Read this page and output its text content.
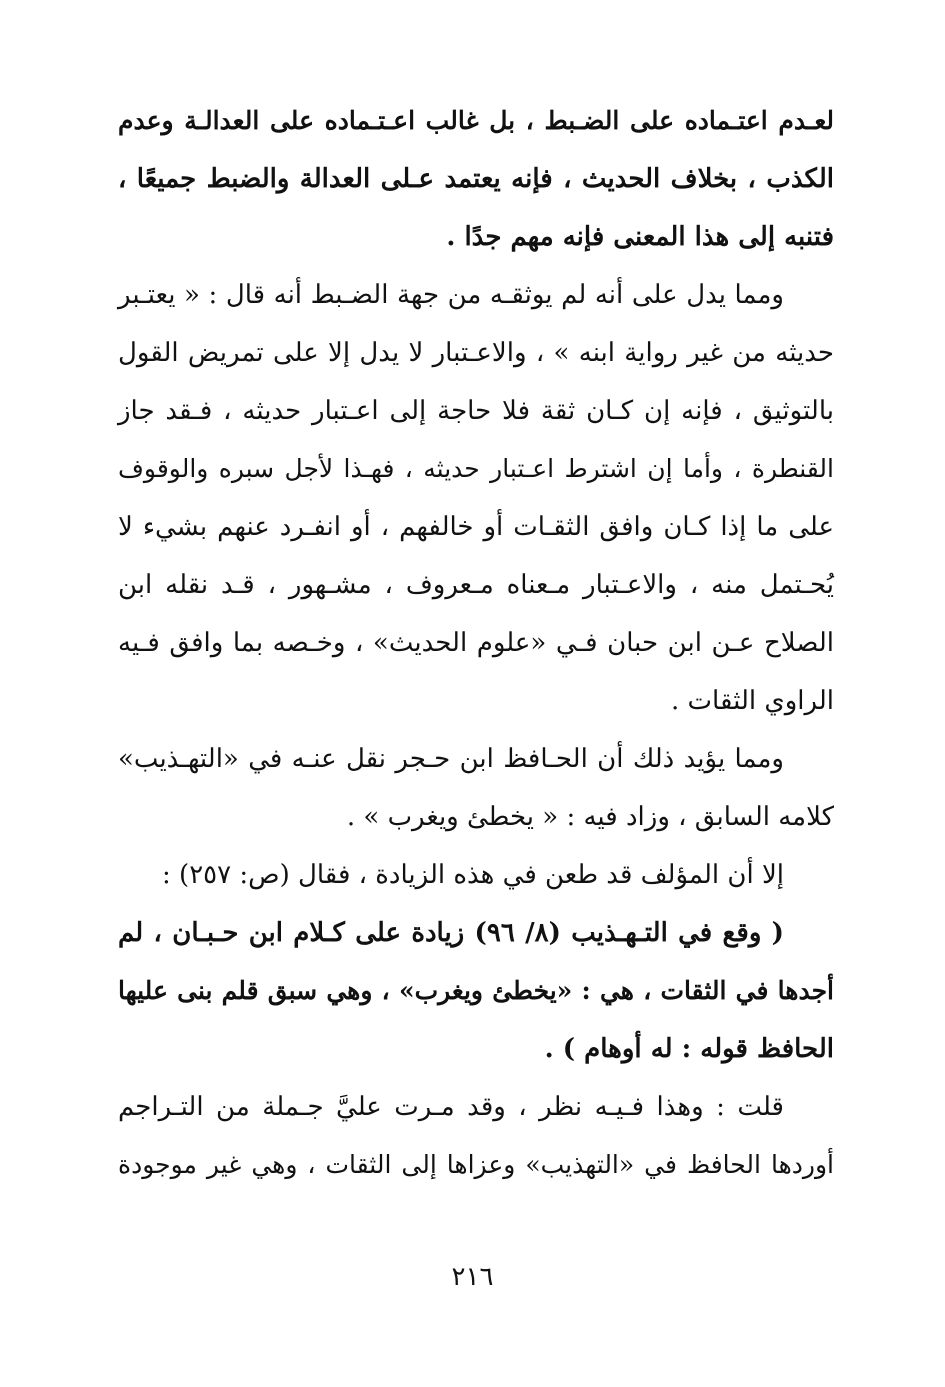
لعـدم اعتـماده على الضـبط ، بل غالب اعـتـماده على العدالـة وعدم
الكذب ، بخلاف الحديث ، فإنه يعتمد عـلى العدالة والضبط جميعًا ،
فتنبه إلى هذا المعنى فإنه مهم جدًا .
ومما يدل على أنه لم يوثقـه من جهة الضـبط أنه قال : « يعتـبر
حديثه من غير رواية ابنه » ، والاعـتبار لا يدل إلا على تمريض القول
بالتوثيق ، فإنه إن كـان ثقة فلا حاجة إلى اعـتبار حديثه ، فـقد جاز
القنطرة ، وأما إن اشترط اعـتبار حديثه ، فهـذا لأجل سبره والوقوف
على ما إذا كـان وافق الثقـات أو خالفهم ، أو انفـرد عنهم بشيء لا
يُحـتمل منه ، والاعـتبار مـعناه مـعروف ، مشـهور ، قـد نقله ابن
الصلاح عـن ابن حبان فـي «علوم الحديث» ، وخـصه بما وافق فـيه
الراوي الثقات .
ومما يؤيد ذلك أن الحـافظ ابن حـجر نقل عنـه في «التهـذيب»
كلامه السابق ، وزاد فيه : « يخطئ ويغرب » .
إلا أن المؤلف قد طعن في هذه الزيادة ، فقال (ص: ٢٥٧) :
( وقع في التـهـذيب (٨/ ٩٦) زيادة على كـلام ابن حـبـان ، لم
أجدها في الثقات ، هي : «يخطئ ويغرب» ، وهي سبق قلم بنى عليها
الحافظ قوله : له أوهام ) .
قلت : وهذا فـيـه نظر ، وقد مـرت عليَّ جـملة من التـراجم
أوردها الحافظ في «التهذيب» وعزاها إلى الثقات ، وهي غير موجودة
٢١٦
